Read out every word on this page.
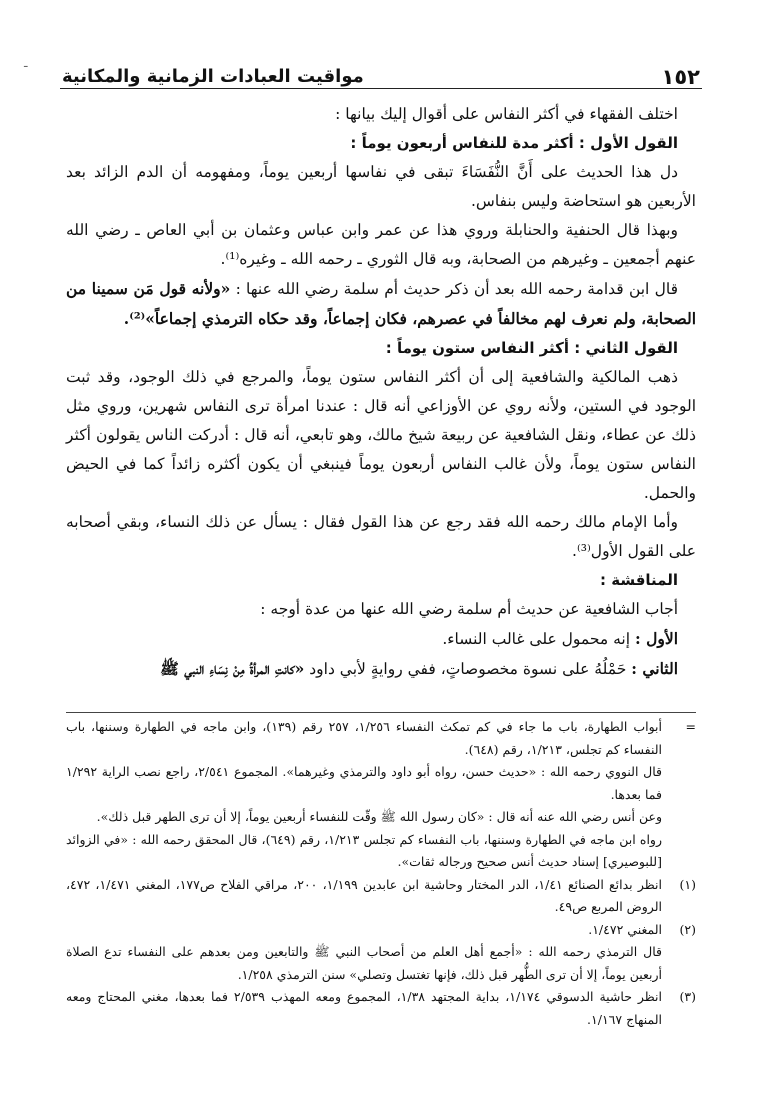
ـ
١٥٢
مواقيت العبادات الزمانية والمكانية

اختلف الفقهاء في أكثر النفاس على أقوال إليك بيانها :

القول الأول : أكثر مدة للنفاس أربعون يوماً :

دل هذا الحديث على أَنَّ النُّفَسَاءَ تبقى في نفاسها أربعين يوماً، ومفهومه أن الدم الزائد بعد الأربعين هو استحاضة وليس بنفاس.

وبهذا قال الحنفية والحنابلة وروي هذا عن عمر وابن عباس وعثمان بن أبي العاص ـ رضي الله عنهم أجمعين ـ وغيرهم من الصحابة، وبه قال الثوري ـ رحمه الله ـ وغيره⁽¹⁾.

قال ابن قدامة رحمه الله بعد أن ذكر حديث أم سلمة رضي الله عنها : «ولأنه قول مَن سمينا من الصحابة، ولم نعرف لهم مخالفاً في عصرهم، فكان إجماعاً، وقد حكاه الترمذي إجماعاً»⁽²⁾.

القول الثاني : أكثر النفاس ستون يوماً :

ذهب المالكية والشافعية إلى أن أكثر النفاس ستون يوماً، والمرجع في ذلك الوجود، وقد ثبت الوجود في الستين، ولأنه روي عن الأوزاعي أنه قال : عندنا امرأة ترى النفاس شهرين، وروي مثل ذلك عن عطاء، ونقل الشافعية عن ربيعة شيخ مالك، وهو تابعي، أنه قال : أدركت الناس يقولون أكثر النفاس ستون يوماً، ولأن غالب النفاس أربعون يوماً فينبغي أن يكون أكثره زائداً كما في الحيض والحمل.

وأما الإمام مالك رحمه الله فقد رجع عن هذا القول فقال : يسأل عن ذلك النساء، وبقي أصحابه على القول الأول⁽³⁾.

المناقشة :

أجاب الشافعية عن حديث أم سلمة رضي الله عنها من عدة أوجه :

الأول : إنه محمول على غالب النساء.

الثاني : حَمْلُهُ على نسوة مخصوصاتٍ، ففي روايةٍ لأبي داود «كانتِ المرأةُ مِنْ نِسَاءِ النبي ﷺ

=

أبواب الطهارة، باب ما جاء في كم تمكث النفساء ١/٢٥٦، ٢٥٧ رقم (١٣٩)، وابن ماجه في الطهارة وسننها، باب النفساء كم تجلس، ١/٢١٣، رقم (٦٤٨).

قال النووي رحمه الله : «حديث حسن، رواه أبو داود والترمذي وغيرهما». المجموع ٢/٥٤١، راجع نصب الراية ١/٢٩٢ فما بعدها.

وعن أنس رضي الله عنه أنه قال : «كان رسول الله ﷺ وقّت للنفساء أربعين يوماً، إلا أن ترى الطهر قبل ذلك».

رواه ابن ماجه في الطهارة وسننها، باب النفساء كم تجلس ١/٢١٣، رقم (٦٤٩)، قال المحقق رحمه الله : «في الزوائد [للبوصيري] إسناد حديث أنس صحيح ورجاله ثقات».

(١)

انظر بدائع الصنائع ١/٤١، الدر المختار وحاشية ابن عابدين ١/١٩٩، ٢٠٠، مراقي الفلاح ص١٧٧، المغني ١/٤٧١، ٤٧٢، الروض المربع ص٤٩.

(٢)

المغني ١/٤٧٢.

قال الترمذي رحمه الله : «أجمع أهل العلم من أصحاب النبي ﷺ والتابعين ومن بعدهم على النفساء تدع الصلاة أربعين يوماً، إلا أن ترى الطُّهر قبل ذلك، فإنها تغتسل وتصلي» سنن الترمذي ١/٢٥٨.

(٣)

انظر حاشية الدسوقي ١/١٧٤، بداية المجتهد ١/٣٨، المجموع ومعه المهذب ٢/٥٣٩ فما بعدها، مغني المحتاج ومعه المنهاج ١/١٦٧.
